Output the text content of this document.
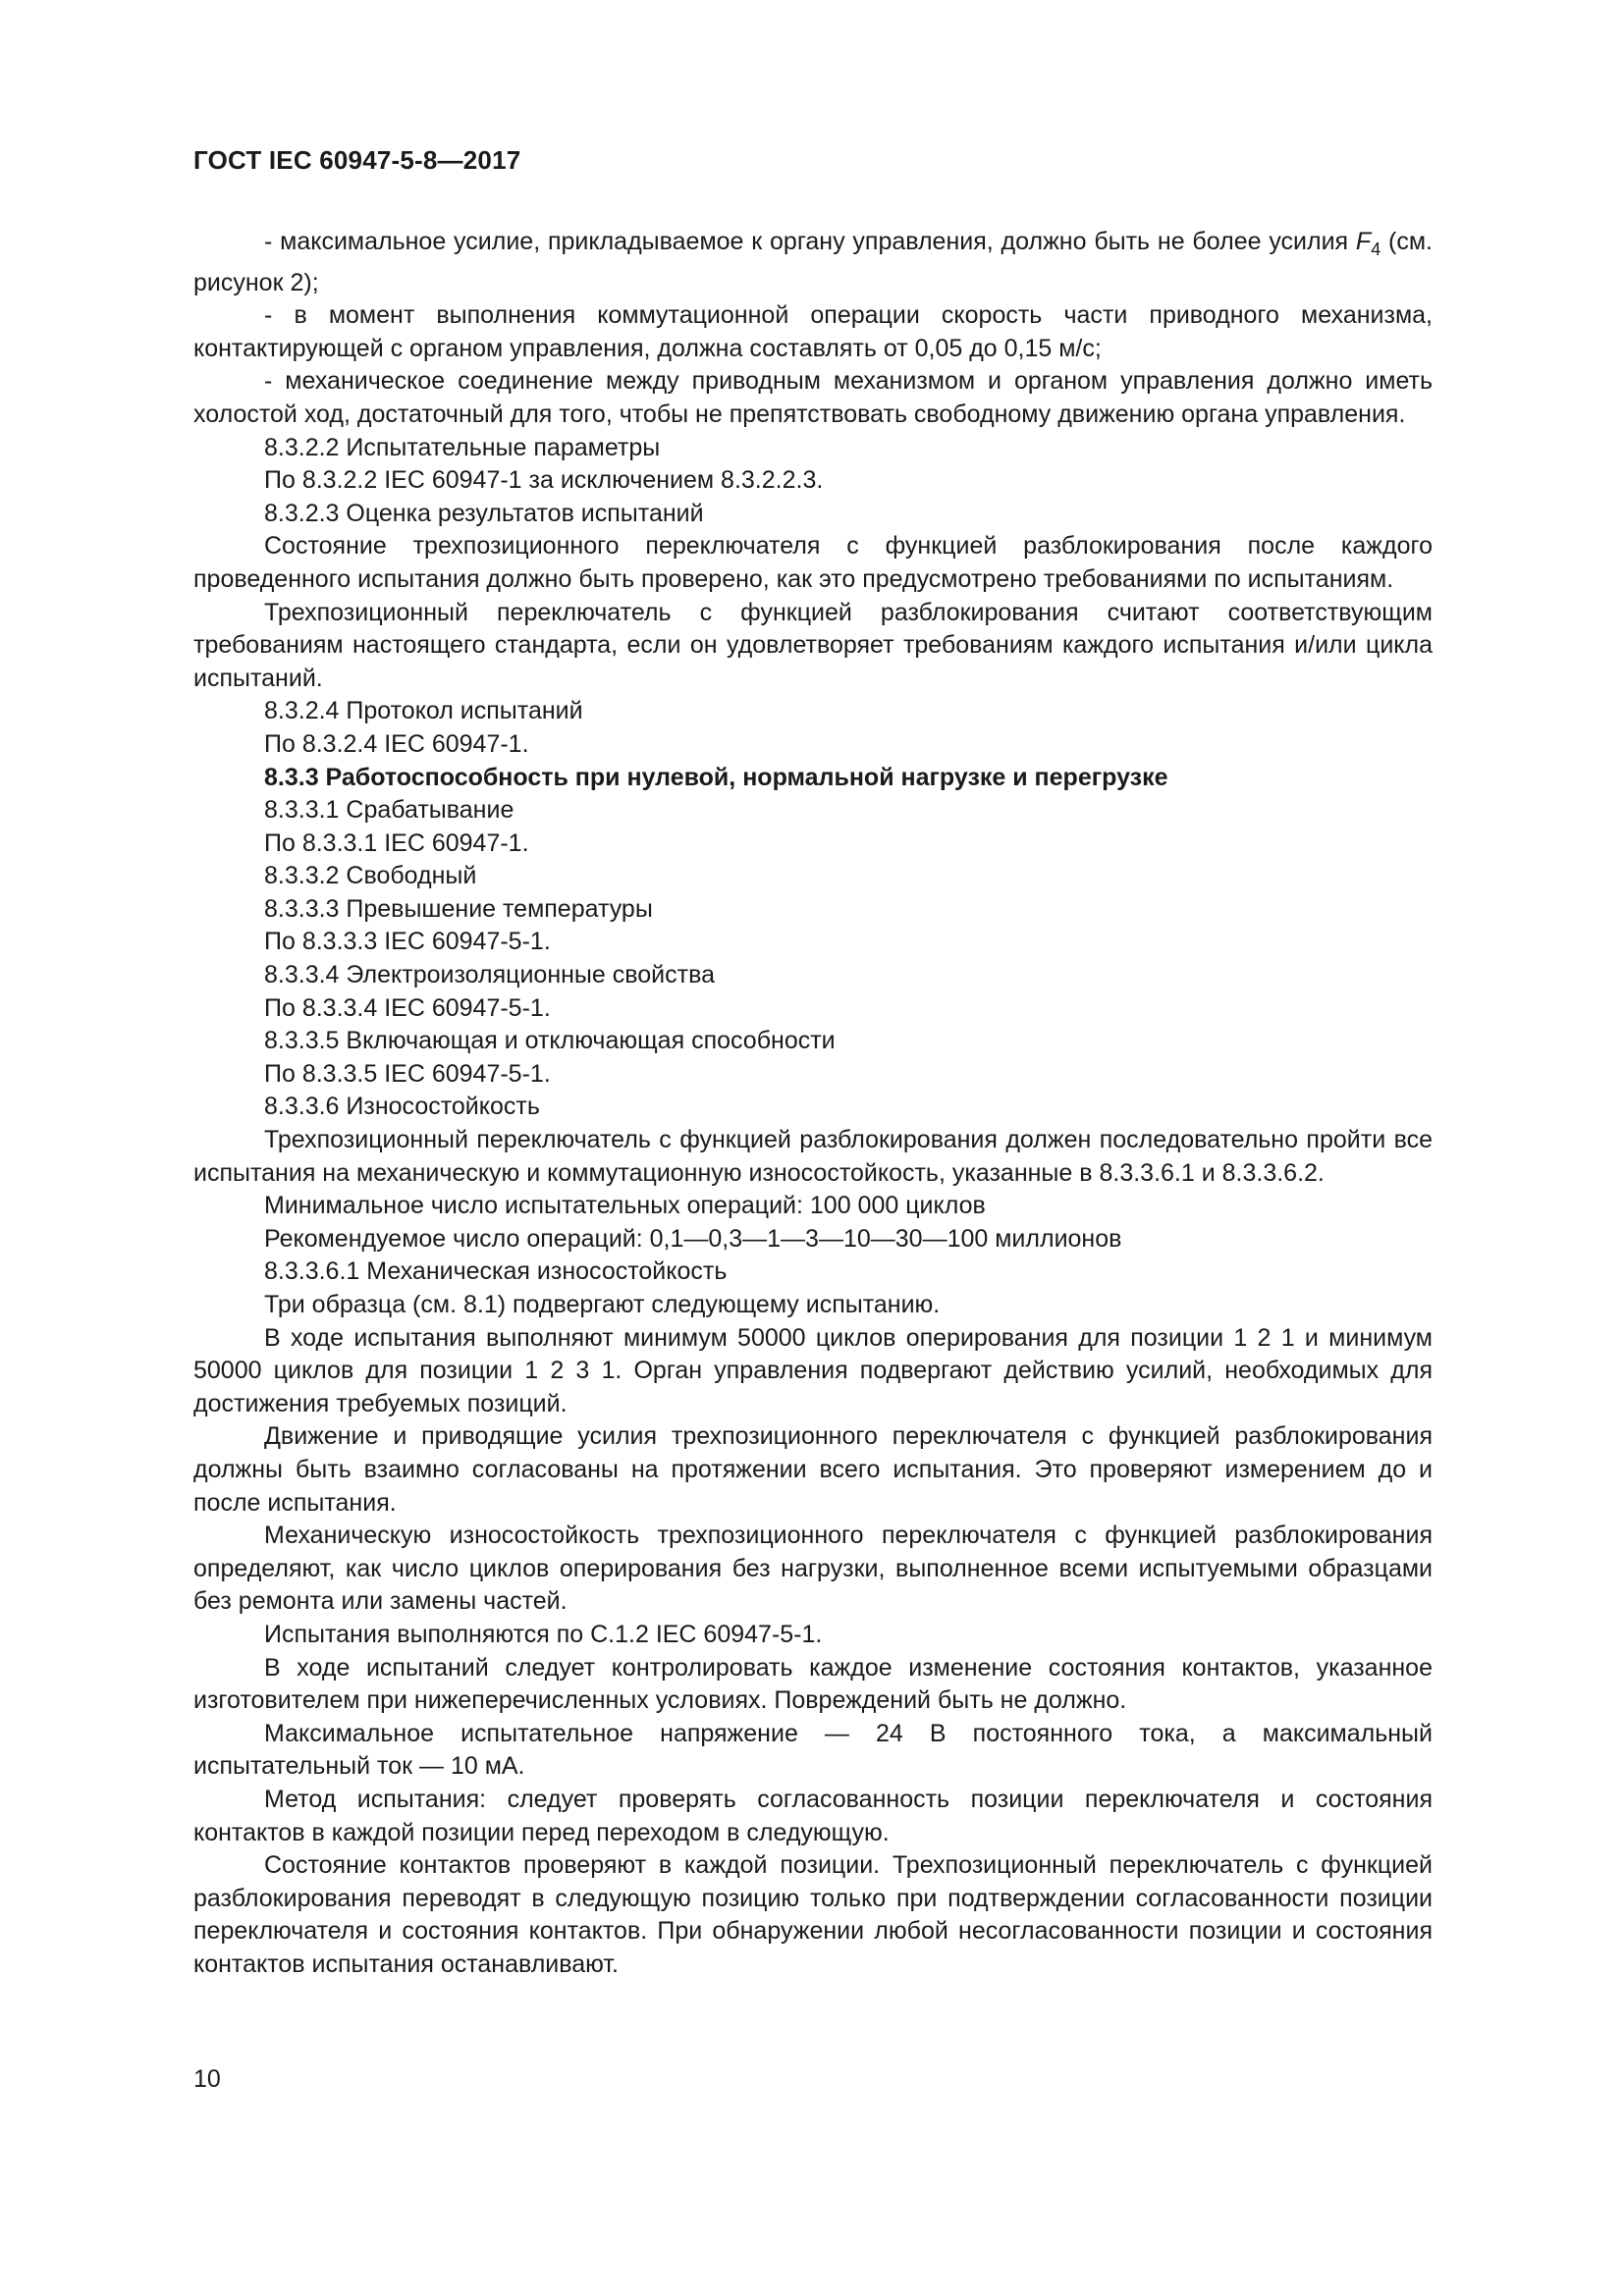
ГОСТ IEC 60947-5-8—2017

- максимальное усилие, прикладываемое к органу управления, должно быть не более усилия $F_4$ (см. рисунок 2);

- в момент выполнения коммутационной операции скорость части приводного механизма, контактирующей с органом управления, должна составлять от 0,05 до 0,15 м/с;

- механическое соединение между приводным механизмом и органом управления должно иметь холостой ход, достаточный для того, чтобы не препятствовать свободному движению органа управления.

8.3.2.2 Испытательные параметры

По 8.3.2.2 IEC 60947-1 за исключением 8.3.2.2.3.

8.3.2.3 Оценка результатов испытаний

Состояние трехпозиционного переключателя с функцией разблокирования после каждого проведенного испытания должно быть проверено, как это предусмотрено требованиями по испытаниям.

Трехпозиционный переключатель с функцией разблокирования считают соответствующим требованиям настоящего стандарта, если он удовлетворяет требованиям каждого испытания и/или цикла испытаний.

8.3.2.4 Протокол испытаний

По 8.3.2.4 IEC 60947-1.

8.3.3 Работоспособность при нулевой, нормальной нагрузке и перегрузке

8.3.3.1 Срабатывание

По 8.3.3.1 IEC 60947-1.

8.3.3.2 Свободный

8.3.3.3 Превышение температуры

По 8.3.3.3 IEC 60947-5-1.

8.3.3.4 Электроизоляционные свойства

По 8.3.3.4 IEC 60947-5-1.

8.3.3.5 Включающая и отключающая способности

По 8.3.3.5 IEC 60947-5-1.

8.3.3.6 Износостойкость

Трехпозиционный переключатель с функцией разблокирования должен последовательно пройти все испытания на механическую и коммутационную износостойкость, указанные в 8.3.3.6.1 и 8.3.3.6.2.

Минимальное число испытательных операций: 100 000 циклов

Рекомендуемое число операций: 0,1—0,3—1—3—10—30—100 миллионов

8.3.3.6.1 Механическая износостойкость

Три образца (см. 8.1) подвергают следующему испытанию.

В ходе испытания выполняют минимум 50000 циклов оперирования для позиции 1 2 1 и минимум 50000 циклов для позиции 1 2 3 1. Орган управления подвергают действию усилий, необходимых для достижения требуемых позиций.

Движение и приводящие усилия трехпозиционного переключателя с функцией разблокирования должны быть взаимно согласованы на протяжении всего испытания. Это проверяют измерением до и после испытания.

Механическую износостойкость трехпозиционного переключателя с функцией разблокирования определяют, как число циклов оперирования без нагрузки, выполненное всеми испытуемыми образцами без ремонта или замены частей.

Испытания выполняются по С.1.2 IEC 60947-5-1.

В ходе испытаний следует контролировать каждое изменение состояния контактов, указанное изготовителем при нижеперечисленных условиях. Повреждений быть не должно.

Максимальное испытательное напряжение — 24 В постоянного тока, а максимальный испытательный ток — 10 мА.

Метод испытания: следует проверять согласованность позиции переключателя и состояния контактов в каждой позиции перед переходом в следующую.

Состояние контактов проверяют в каждой позиции. Трехпозиционный переключатель с функцией разблокирования переводят в следующую позицию только при подтверждении согласованности позиции переключателя и состояния контактов. При обнаружении любой несогласованности позиции и состояния контактов испытания останавливают.

10
